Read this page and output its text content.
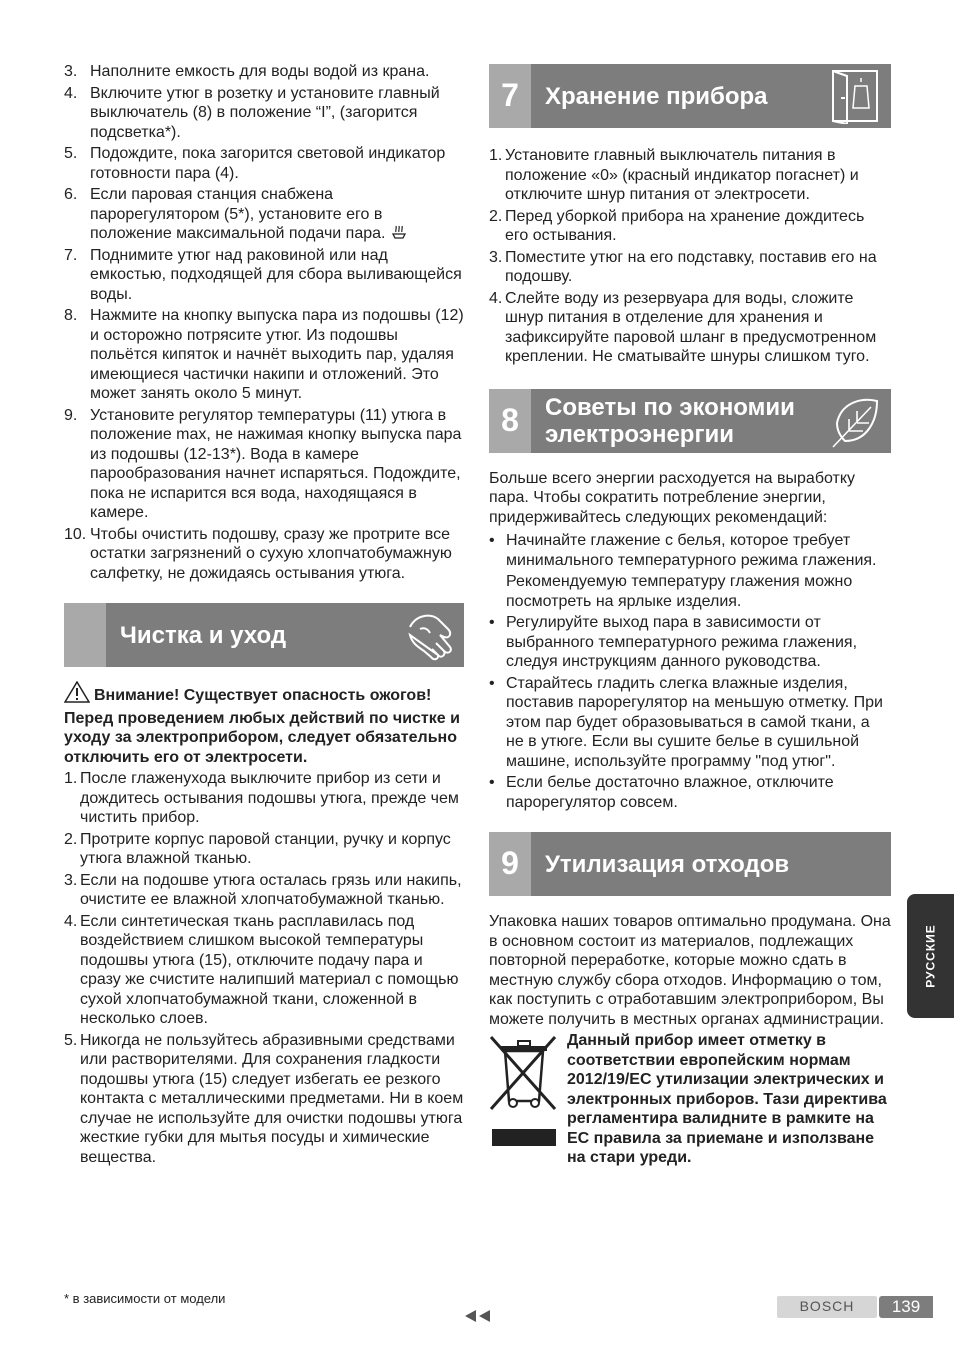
3. Наполните емкость для воды водой из крана.
4. Включите утюг в розетку и установите главный выключатель (8) в положение “I”, (загорится подсветка*).
5. Подождите, пока загорится световой индикатор готовности пара (4).
6. Если паровая станция снабжена парорегулятором (5*), установите его в положение максимальной подачи пара.
7. Поднимите утюг над раковиной или над емкостью, подходящей для сбора выливающейся воды.
8. Нажмите на кнопку выпуска пара из подошвы (12) и осторожно потрясите утюг. Из подошвы польётся кипяток и начнёт выходить пар, удаляя имеющиеся частички накипи и отложений. Это может занять около 5 минут.
9. Установите регулятор температуры (11) утюга в положение max, не нажимая кнопку выпуска пара из подошвы (12-13*). Вода в камере парообразования начнет испаряться. Подождите, пока не испарится вся вода, находящаяся в камере.
10. Чтобы очистить подошву, сразу же протрите все остатки загрязнений о сухую хлопчатобумажную салфетку, не дожидаясь остывания утюга.
Чистка и уход
Внимание! Существует опасность ожогов!
Перед проведением любых действий по чистке и уходу за электроприбором, следует обязательно отключить его от электросети.
1. После глаженухода выключите прибор из сети и дождитесь остывания подошвы утюга, прежде чем чистить прибор.
2. Протрите корпус паровой станции, ручку и корпус утюга влажной тканью.
3. Если на подошве утюга осталась грязь или накипь, очистите ее влажной хлопчатобумажной тканью.
4. Если синтетическая ткань расплавилась под воздействием слишком высокой температуры подошвы утюга (15), отключите подачу пара и сразу же счистите налипший материал с помощью сухой хлопчатобумажной ткани, сложенной в несколько слоев.
5. Никогда не пользуйтесь абразивными средствами или растворителями. Для сохранения гладкости подошвы утюга (15) следует избегать ее резкого контакта с металлическими предметами. Ни в коем случае не используйте для очистки подошвы утюга жесткие губки для мытья посуды и химические вещества.
7	Хранение прибора
1. Установите главный выключатель питания в положение «0» (красный индикатор погаснет) и отключите шнур питания от электросети.
2. Перед уборкой прибора на хранение дождитесь его остывания.
3. Поместите утюг на его подставку, поставив его на подошву.
4. Слейте воду из резервуара для воды, сложите шнур питания в отделение для хранения и зафиксируйте паровой шланг в предусмотренном креплении. Не сматывайте шнуры слишком туго.
8	Советы по экономии электроэнергии

Больше всего энергии расходуется на выработку пара. Чтобы сократить потребление энергии, придерживайтесь следующих рекомендаций:

• Начинайте глажение с белья, которое требует минимального температурного режима глажения.
Рекомендуемую температуру глажения можно посмотреть на ярлыке изделия.
• Регулируйте выход пара в зависимости от выбранного температурного режима глажения, следуя инструкциям данного руководства.
• Старайтесь гладить слегка влажные изделия, поставив парорегулятор на меньшую отметку. При этом пар будет образовываться в самой ткани, а не в утюге. Если вы сушите белье в сушильной машине, используйте программу "под утюг".
• Если белье достаточно влажное, отключите парорегулятор совсем.
9	Утилизация отходов

Упаковка наших товаров оптимально продумана. Она в основном состоит из материалов, подлежащих повторной переработке, которые можно сдать в местную службу сбора отходов. Информацию о том, как поступить с отработавшим электроприбором, Вы можете получить в местных органах администрации.

Данный прибор имеет отметку в соответствии европейским нормам 2012/19/ЕС утилизации электрических и электронных приборов. Тази директива регламентира валидните в рамките на ЕС правила за приемане и използване на стари уреди.
* в зависимости от модели	BOSCH	139
РУССКИЕ
